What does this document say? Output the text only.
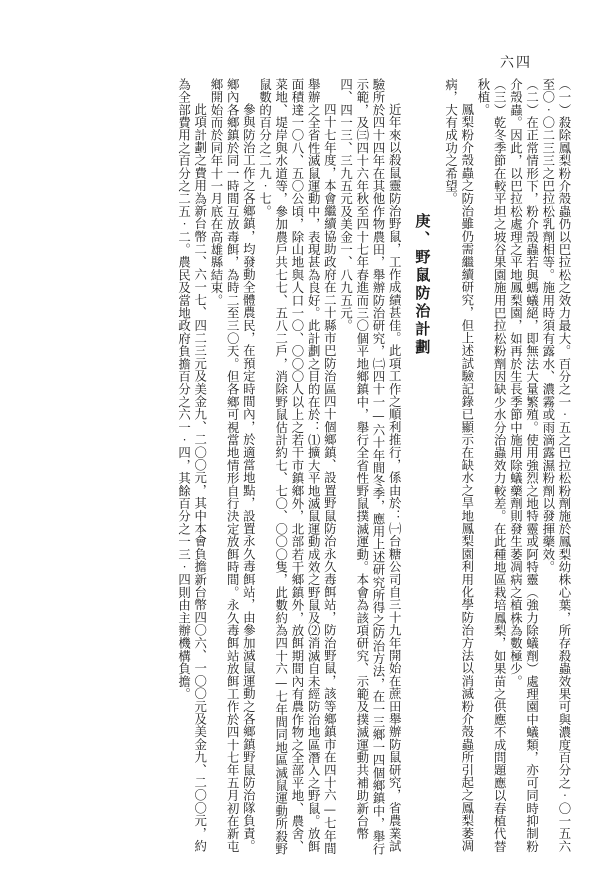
六四

（一）殺除鳳梨粉介殼蟲仍以巴拉松之效力最大。百分之一‧五之巴拉松粉劑施於鳳梨幼株心葉，所存殺蟲效果可與濃度百分之‧〇一五六至〇‧〇二三三之巴拉松乳劑相等。施用時須有露水、濃霧或雨滴露濕粉劑以發揮藥效。

（二）在正常情形下，粉介殼蟲若與螞蟻絕，即無法大量繁殖。使用強烈之地特靈或阿特靈（強力除蟻劑）處理園中蟻類，亦可同時抑制粉介殼蟲。因此，以巴拉松處理之平地鳳梨園，如再於生長季節中施用除蟻藥劑則發生萎凋病之植株為數極少。

（三）乾冬季節在較平坦之坡谷果園施用巴拉松粉劑因缺少水分治蟲效力較差。在此種地區栽培鳳梨，如果苗之供應不成問題應以春植代替秋植。

鳳梨粉介殼蟲之防治雖仍需繼續研究，但上述試驗記錄已顯示在缺水之旱地鳳梨園利用化學防治方法以消滅粉介殼蟲所引起之鳳梨萎凋病，大有成功之希望。

庚、野鼠防治計劃

近年來以殺鼠靈防治野鼠，工作成績甚佳。此項工作之順利推行，係由於：㈠台糖公司自三十九年開始在蔗田舉辦防鼠研究，省農業試驗所於四十四年在其他作物農田，舉辦防治研究，㈡四十一—六十年間冬季，應用上述研究所得之防治方法，在一三鄉一四個鄉鎮中，舉行示範，及㈢四十六年秋至四十七年春進而三〇個平地鄉鎮中，舉行全省性野鼠撲滅運動。本會為該項研究、示範及撲滅運動共補助新台幣四、四一三、三九五元及美金一、八九五元。

四十七年度，本會繼續協助政府在二十縣市巴防治區四十個鄉鎮、設置野鼠防治永久毒餌站，防治野鼠，該等鄉鎮市在四十六—七年間舉辦之全省性滅鼠運動中，表現甚為良好。此計劃之目的在於：⑴擴大平地滅鼠運動成效之野鼠及⑵消滅自未經防治地區潛入之野鼠。放餌面積達一〇八、五〇公頃，除山地與人口一〇、〇〇〇人以上之若干市鎮鄉外，北部若干鄉鎮外，放餌期間內有農作物之全部平地、農舍、菜地、堤岸與水道等，參加農戶共七七、五八二戶，消除野鼠估計約七、七〇、〇〇〇隻，此數約為四十六—七年間同地區滅鼠運動所殺野鼠數的百分之二九‧七。

參與防治工作之各鄉鎮，均發動全體農民，在預定時間內，於適當地點，設置永久毒餌站，由參加滅鼠運動之各鄉鎮野鼠防治隊負責。鄉內各鄉鎮於同一時間互放毒餌，為時二至三〇天。但各鄉可視當地情形自行決定放餌時間。永久毒餌站放餌工作於四十七年五月初在新屯鄉開始而於同年十一月底在高雄縣結束。

此項計劃之費用為新台幣二、六一七、四二三元及美金九、二〇〇元，其中本會負擔新台幣四〇六、一〇〇元及美金九、二〇〇元，約為全部費用之百分之二五‧二。農民及當地政府負擔百分之六一‧四，其餘百分之一三‧四則由主辦機構負擔。
